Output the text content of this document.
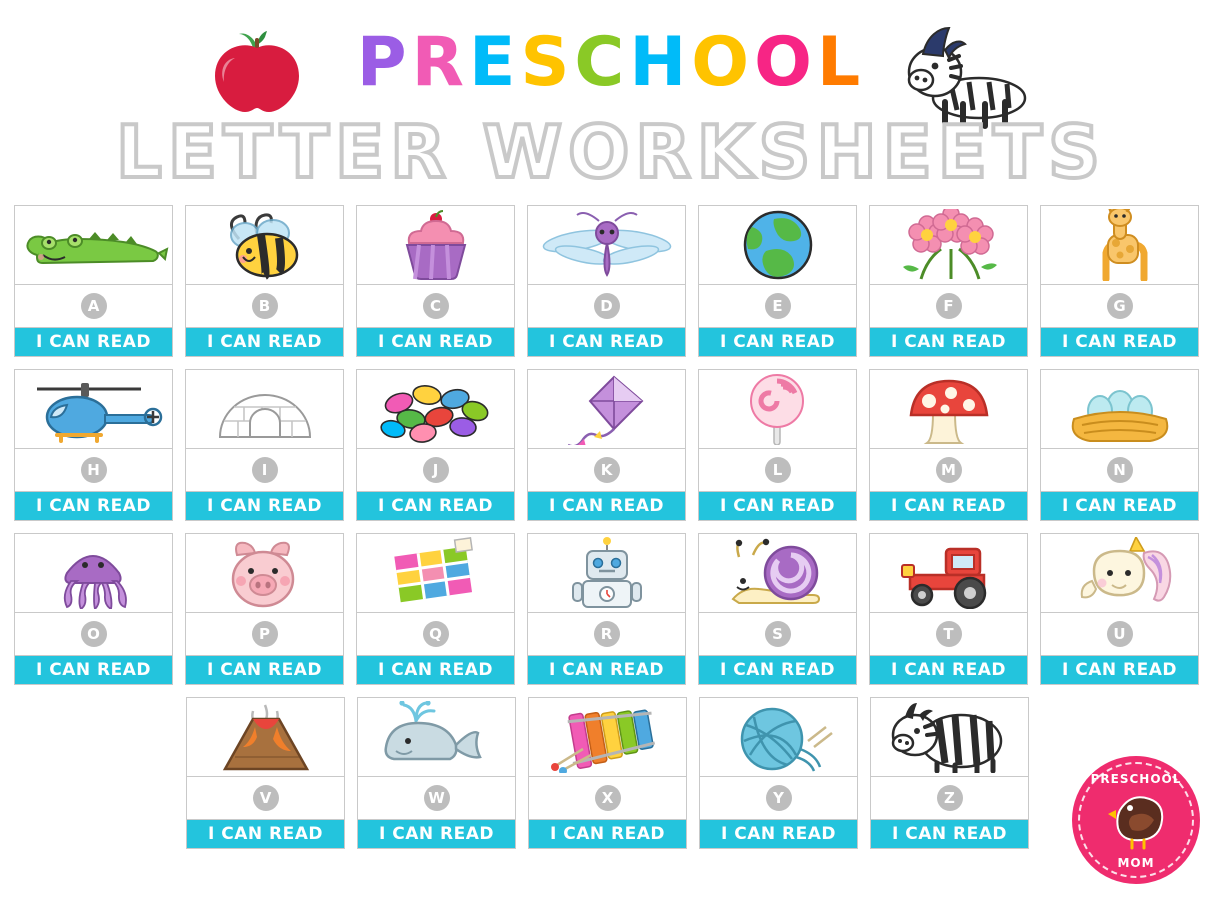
PRESCHOOL
LETTER WORKSHEETS
A
I CAN READ
B
I CAN READ
C
I CAN READ
D
I CAN READ
E
I CAN READ
F
I CAN READ
G
I CAN READ
H
I CAN READ
I
I CAN READ
J
I CAN READ
K
I CAN READ
L
I CAN READ
M
I CAN READ
N
I CAN READ
O
I CAN READ
P
I CAN READ
Q
I CAN READ
R
I CAN READ
S
I CAN READ
T
I CAN READ
U
I CAN READ
V
I CAN READ
W
I CAN READ
X
I CAN READ
Y
I CAN READ
Z
I CAN READ
PRESCHOOL
MOM
